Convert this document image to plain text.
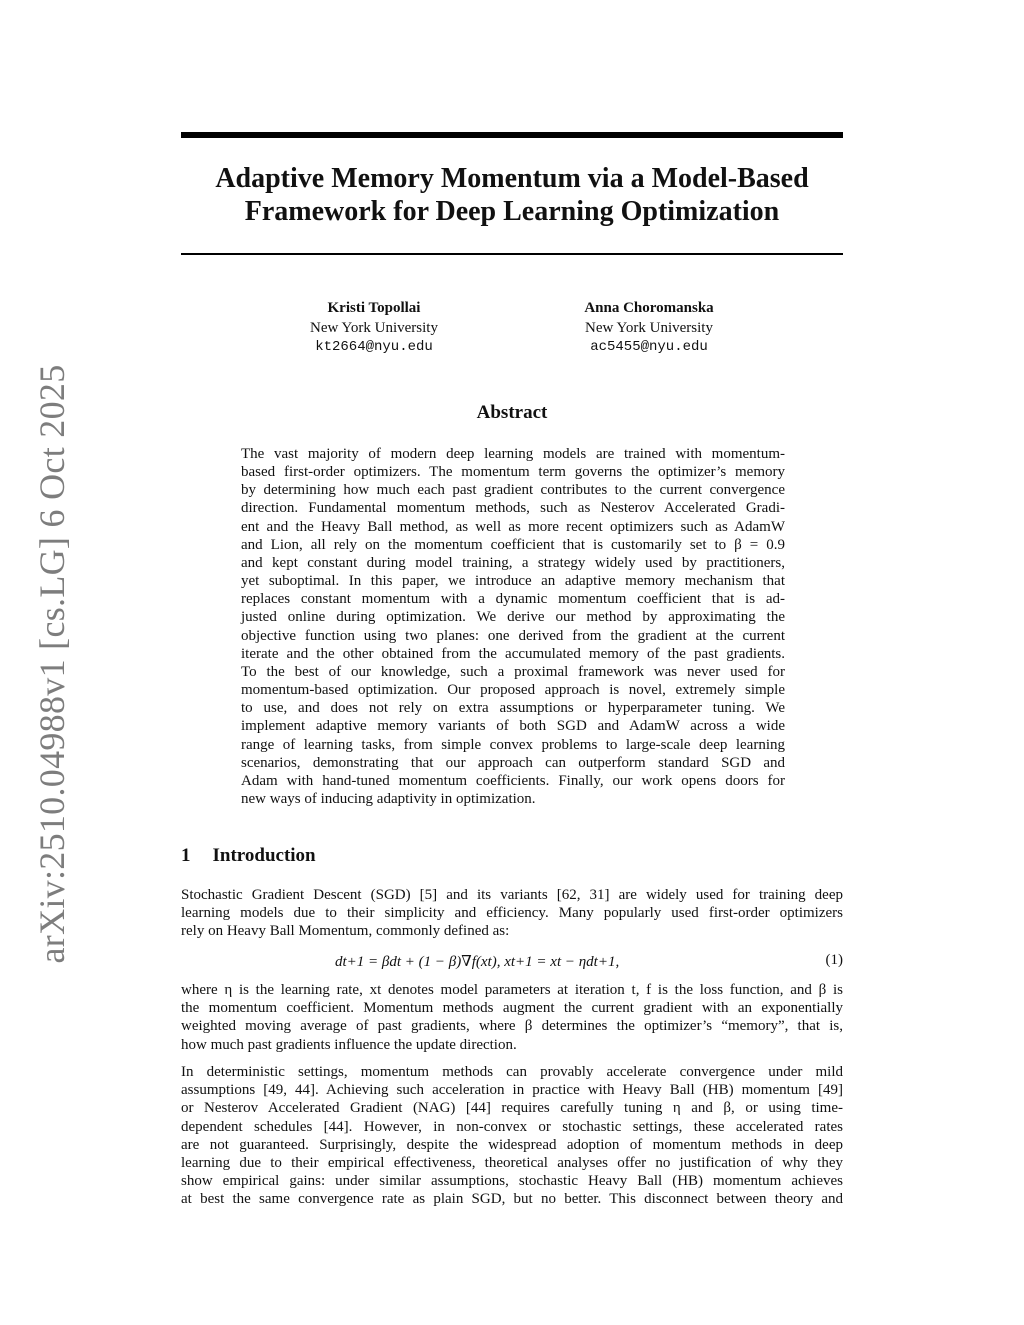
arXiv:2510.04988v1 [cs.LG] 6 Oct 2025
Adaptive Memory Momentum via a Model-Based
Framework for Deep Learning Optimization
Kristi Topollai
New York University
kt2664@nyu.edu
Anna Choromanska
New York University
ac5455@nyu.edu
Abstract
The vast majority of modern deep learning models are trained with momentum-
based first-order optimizers. The momentum term governs the optimizer’s memory
by determining how much each past gradient contributes to the current convergence
direction. Fundamental momentum methods, such as Nesterov Accelerated Gradi-
ent and the Heavy Ball method, as well as more recent optimizers such as AdamW
and Lion, all rely on the momentum coefficient that is customarily set to β = 0.9
and kept constant during model training, a strategy widely used by practitioners,
yet suboptimal. In this paper, we introduce an adaptive memory mechanism that
replaces constant momentum with a dynamic momentum coefficient that is ad-
justed online during optimization. We derive our method by approximating the
objective function using two planes: one derived from the gradient at the current
iterate and the other obtained from the accumulated memory of the past gradients.
To the best of our knowledge, such a proximal framework was never used for
momentum-based optimization. Our proposed approach is novel, extremely simple
to use, and does not rely on extra assumptions or hyperparameter tuning. We
implement adaptive memory variants of both SGD and AdamW across a wide
range of learning tasks, from simple convex problems to large-scale deep learning
scenarios, demonstrating that our approach can outperform standard SGD and
Adam with hand-tuned momentum coefficients. Finally, our work opens doors for
new ways of inducing adaptivity in optimization.
1 Introduction
Stochastic Gradient Descent (SGD) [5] and its variants [62, 31] are widely used for training deep
learning models due to their simplicity and efficiency. Many popularly used first-order optimizers
rely on Heavy Ball Momentum, commonly defined as:
dt+1 = βdt + (1 − β)∇f(xt), xt+1 = xt − ηdt+1,	(1)
where η is the learning rate, xt denotes model parameters at iteration t, f is the loss function, and β is
the momentum coefficient. Momentum methods augment the current gradient with an exponentially
weighted moving average of past gradients, where β determines the optimizer’s “memory”, that is,
how much past gradients influence the update direction.
In deterministic settings, momentum methods can provably accelerate convergence under mild
assumptions [49, 44]. Achieving such acceleration in practice with Heavy Ball (HB) momentum [49]
or Nesterov Accelerated Gradient (NAG) [44] requires carefully tuning η and β, or using time-
dependent schedules [44]. However, in non-convex or stochastic settings, these accelerated rates
are not guaranteed. Surprisingly, despite the widespread adoption of momentum methods in deep
learning due to their empirical effectiveness, theoretical analyses offer no justification of why they
show empirical gains: under similar assumptions, stochastic Heavy Ball (HB) momentum achieves
at best the same convergence rate as plain SGD, but no better. This disconnect between theory and
